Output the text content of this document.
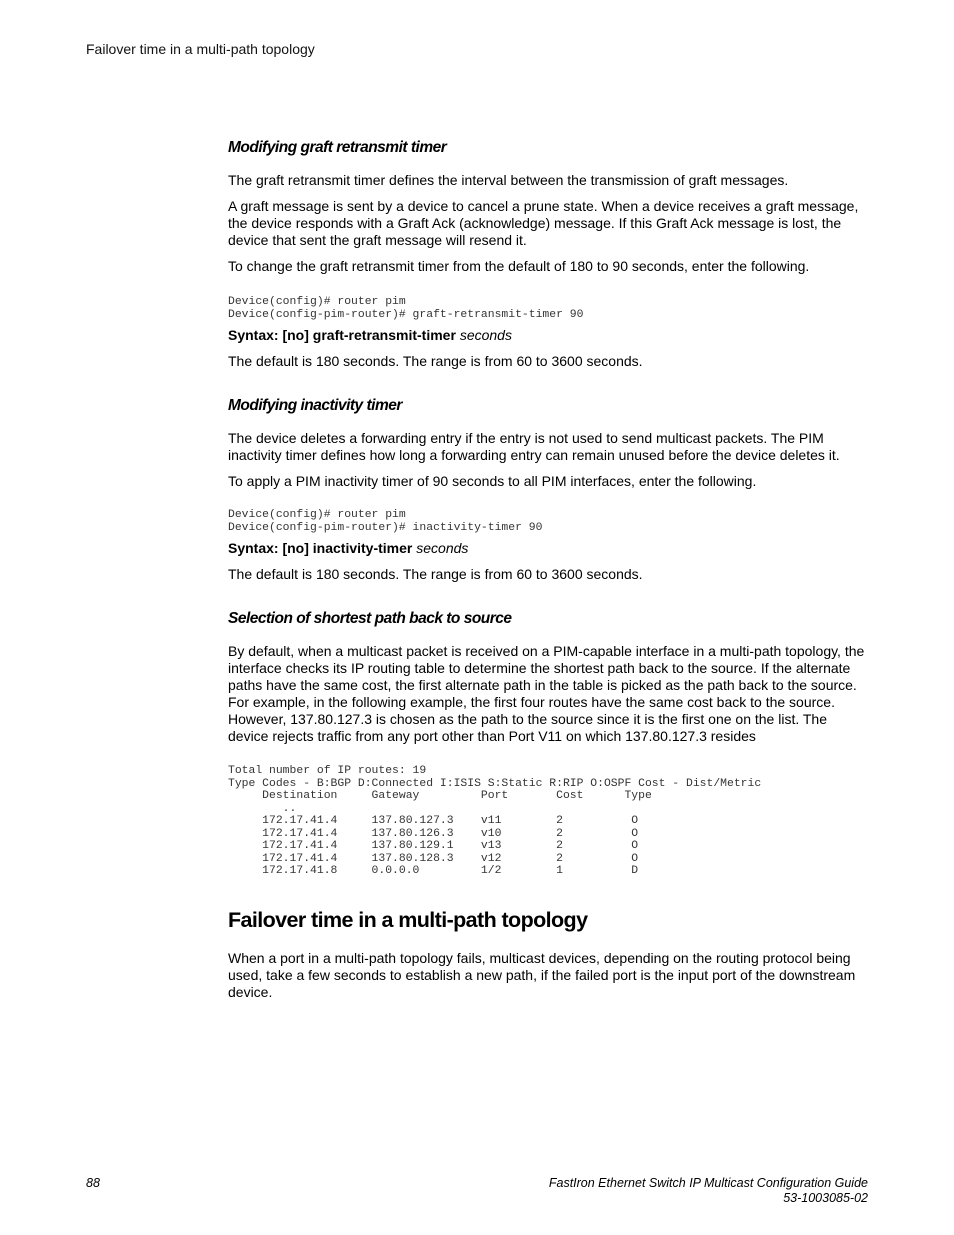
Failover time in a multi-path topology
Modifying graft retransmit timer

The graft retransmit timer defines the interval between the transmission of graft messages.

A graft message is sent by a device to cancel a prune state. When a device receives a graft message, the device responds with a Graft Ack (acknowledge) message. If this Graft Ack message is lost, the device that sent the graft message will resend it.

To change the graft retransmit timer from the default of 180 to 90 seconds, enter the following.

Device(config)# router pim
Device(config-pim-router)# graft-retransmit-timer 90
Syntax: [no] graft-retransmit-timer seconds

The default is 180 seconds. The range is from 60 to 3600 seconds.

Modifying inactivity timer

The device deletes a forwarding entry if the entry is not used to send multicast packets. The PIM inactivity timer defines how long a forwarding entry can remain unused before the device deletes it.

To apply a PIM inactivity timer of 90 seconds to all PIM interfaces, enter the following.

Device(config)# router pim
Device(config-pim-router)# inactivity-timer 90
Syntax: [no] inactivity-timer seconds

The default is 180 seconds. The range is from 60 to 3600 seconds.

Selection of shortest path back to source

By default, when a multicast packet is received on a PIM-capable interface in a multi-path topology, the interface checks its IP routing table to determine the shortest path back to the source. If the alternate paths have the same cost, the first alternate path in the table is picked as the path back to the source. For example, in the following example, the first four routes have the same cost back to the source. However, 137.80.127.3 is chosen as the path to the source since it is the first one on the list. The device rejects traffic from any port other than Port V11 on which 137.80.127.3 resides

Total number of IP routes: 19
Type Codes - B:BGP D:Connected I:ISIS S:Static R:RIP O:OSPF Cost - Dist/Metric
Destination     Gateway         Port       Cost      Type
..
172.17.41.4     137.80.127.3    v11        2          O
172.17.41.4     137.80.126.3    v10        2          O
172.17.41.4     137.80.129.1    v13        2          O
172.17.41.4     137.80.128.3    v12        2          O
172.17.41.8     0.0.0.0         1/2        1          D
Failover time in a multi-path topology

When a port in a multi-path topology fails, multicast devices, depending on the routing protocol being used, take a few seconds to establish a new path, if the failed port is the input port of the downstream device.

88	FastIron Ethernet Switch IP Multicast Configuration Guide
53-1003085-02
